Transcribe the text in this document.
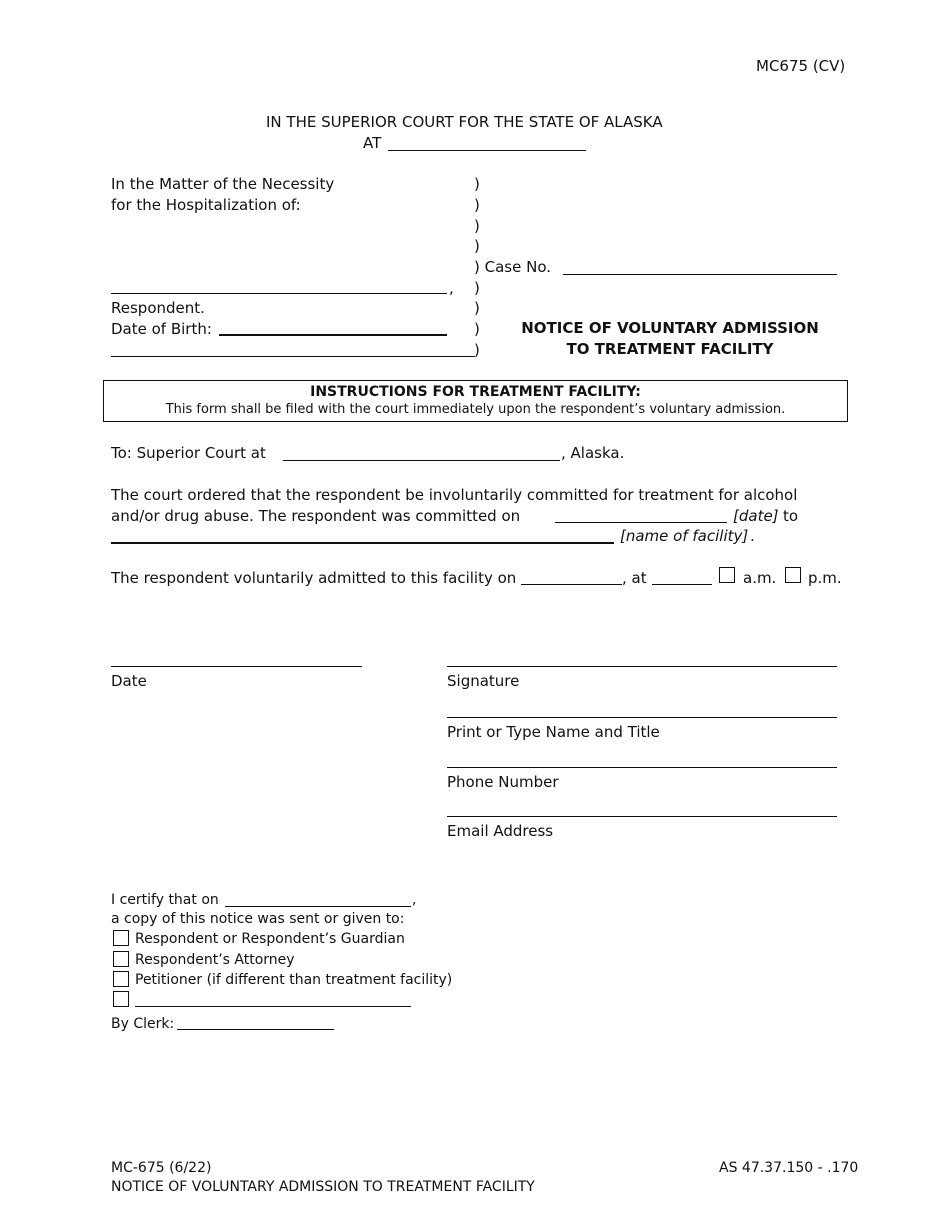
MC675 (CV)
IN THE SUPERIOR COURT FOR THE STATE OF ALASKA
AT
In the Matter of the Necessity
for the Hospitalization of:
,
Respondent.
Date of Birth:
)
)
)
)
) Case No.
)
)
)
)
NOTICE OF VOLUNTARY ADMISSION
TO TREATMENT FACILITY
INSTRUCTIONS FOR TREATMENT FACILITY:
This form shall be filed with the court immediately upon the respondent’s voluntary admission.
To: Superior Court at	, Alaska.
The court ordered that the respondent be involuntarily committed for treatment for alcohol
and/or drug abuse. The respondent was committed on	[date] to
[name of facility] .
The respondent voluntarily admitted to this facility on	, at	a.m. p.m.
Date	Signature
Print or Type Name and Title
Phone Number
Email Address
I certify that on	,
a copy of this notice was sent or given to:
Respondent or Respondent’s Guardian
Respondent’s Attorney
Petitioner (if different than treatment facility)
By Clerk:
MC-675 (6/22)
NOTICE OF VOLUNTARY ADMISSION TO TREATMENT FACILITY
AS 47.37.150 - .170
